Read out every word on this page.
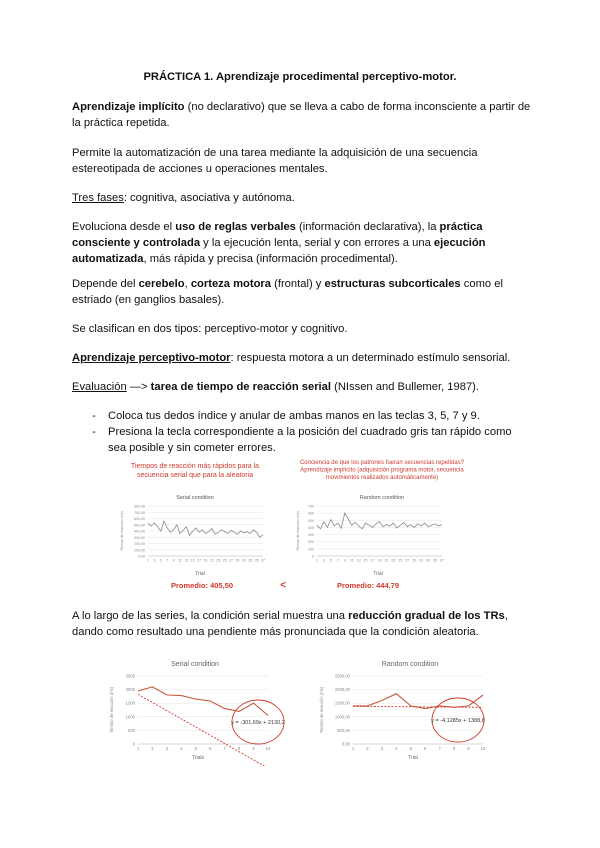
PRÁCTICA 1. Aprendizaje procedimental perceptivo-motor.

Aprendizaje implícito (no declarativo) que se lleva a cabo de forma inconsciente a partir de la práctica repetida.

Permite la automatización de una tarea mediante la adquisición de una secuencia estereotipada de acciones u operaciones mentales.

Tres fases: cognitiva, asociativa y autónoma.

Evoluciona desde el uso de reglas verbales (información declarativa), la práctica consciente y controlada y la ejecución lenta, serial y con errores a una ejecución automatizada, más rápida y precisa (información procedimental).

Depende del cerebelo, corteza motora (frontal) y estructuras subcorticales como el estriado (en ganglios basales).

Se clasifican en dos tipos: perceptivo-motor y cognitivo.

Aprendizaje perceptivo-motor: respuesta motora a un determinado estímulo sensorial.

Evaluación —> tarea de tiempo de reacción serial (NIssen and Bullemer, 1987).

- Coloca tus dedos índice y anular de ambas manos en las teclas 3, 5, 7 y 9.
- Presiona la tecla correspondiente a la posición del cuadrado gris tan rápido como sea posible y sin cometer errores.
Tiempos de reacción más rápidos para la secuencia serial que para la aleatoria
Conciencia de que los patrones fueran secuencias repetidas? Aprendizaje implícito (adquisición programa motor, secuencia movimientos realizados automáticamente)
Serial condition	Random condition
0,00
100,00
200,00
300,00
400,00
500,00
600,00
700,00
800,00
1 3 5 7 9 11 13 15 17 19 21 23 25 27 29 31 33 35 37
Tiempo de reacción (ms)
0
100
200
300
400
500
600
700
1 3 5 7 9 11 13 15 17 19 21 23 25 27 29 31 33 35 37
Tiempo de reacción (ms)
Trial	Trial
Promedio: 405,50	<	Promedio: 444,79

A lo largo de las series, la condición serial muestra una reducción gradual de los TRs, dando como resultado una pendiente más pronunciada que la condición aleatoria.

Serial condition	Random condition
0
500
1000
1500
2000
2500
1	2	3	4	5	6	7	8	9	10
Tiempo de reacción (ms)
0,00
500,00
1000,00
1500,00
2000,00
2500,00
1	2	3	4	5	6	7	8	9	10
Tiempo de reacción (ms)
Trials	Trial
y = -301,69x + 2130,2	y = -4,1285x + 1388,8
